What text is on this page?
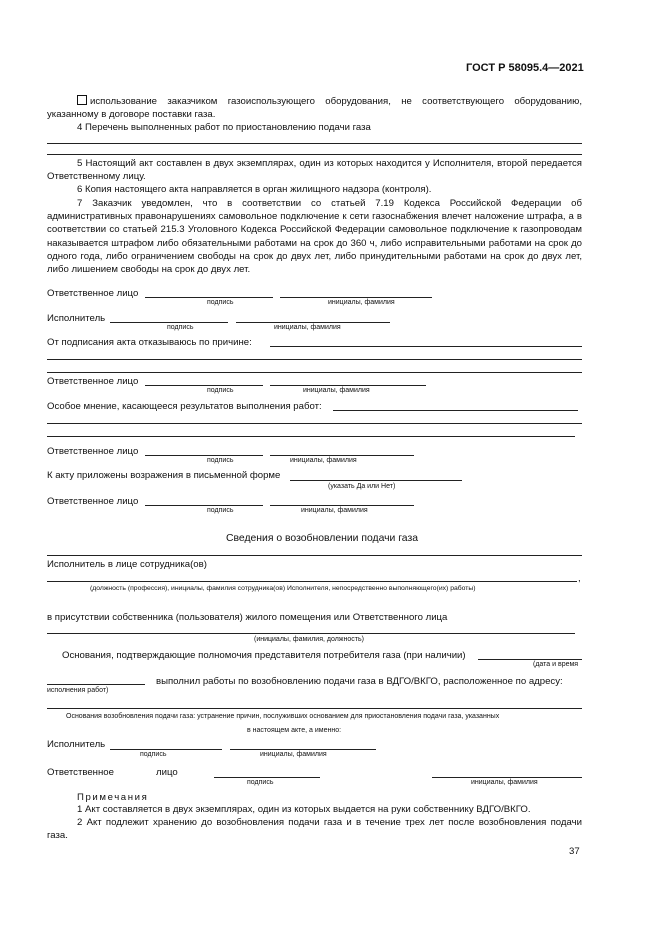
ГОСТ Р 58095.4—2021
использование заказчиком газоиспользующего оборудования, не соответствующего оборудованию, указанному в договоре поставки газа.
4 Перечень выполненных работ по приостановлению подачи газа
5 Настоящий акт составлен в двух экземплярах, один из которых находится у Исполнителя, второй передается Ответственному лицу.
6 Копия настоящего акта направляется в орган жилищного надзора (контроля).
7 Заказчик уведомлен, что в соответствии со статьей 7.19 Кодекса Российской Федерации об административных правонарушениях самовольное подключение к сети газоснабжения влечет наложение штрафа, а в соответствии со статьей 215.3 Уголовного Кодекса Российской Федерации самовольное подключение к газопроводам наказывается штрафом либо обязательными работами на срок до 360 ч, либо исправительными работами на срок до одного года, либо ограничением свободы на срок до двух лет, либо принудительными работами на срок до двух лет, либо лишением свободы на срок до двух лет.
Ответственное лицо
подпись	инициалы, фамилия
Исполнитель
подпись	инициалы, фамилия
От подписания акта отказываюсь по причине:
Ответственное лицо
подпись	инициалы, фамилия
Особое мнение, касающееся результатов выполнения работ:
Ответственное лицо
подпись	инициалы, фамилия
К акту приложены возражения в письменной форме
(указать Да или Нет)
Ответственное лицо
подпись	инициалы, фамилия
Сведения о возобновлении подачи газа
Исполнитель в лице сотрудника(ов)
,
(должность (профессия), инициалы, фамилия сотрудника(ов) Исполнителя, непосредственно выполняющего(их) работы)
в присутствии собственника (пользователя) жилого помещения или Ответственного лица
(инициалы, фамилия, должность)
Основания, подтверждающие полномочия представителя потребителя газа (при наличии)
(дата и время
исполнения работ)
выполнил работы по возобновлению подачи газа в ВДГО/ВКГО, расположенное по адресу:
Основания возобновления подачи газа: устранение причин, послуживших основанием для приостановления подачи газа, указанных
в настоящем акте, а именно:
Исполнитель
подпись	инициалы, фамилия
Ответственное	лицо
подпись	инициалы, фамилия
Примечания
1 Акт составляется в двух экземплярах, один из которых выдается на руки собственнику ВДГО/ВКГО.
2 Акт подлежит хранению до возобновления подачи газа и в течение трех лет после возобновления подачи газа.
37
